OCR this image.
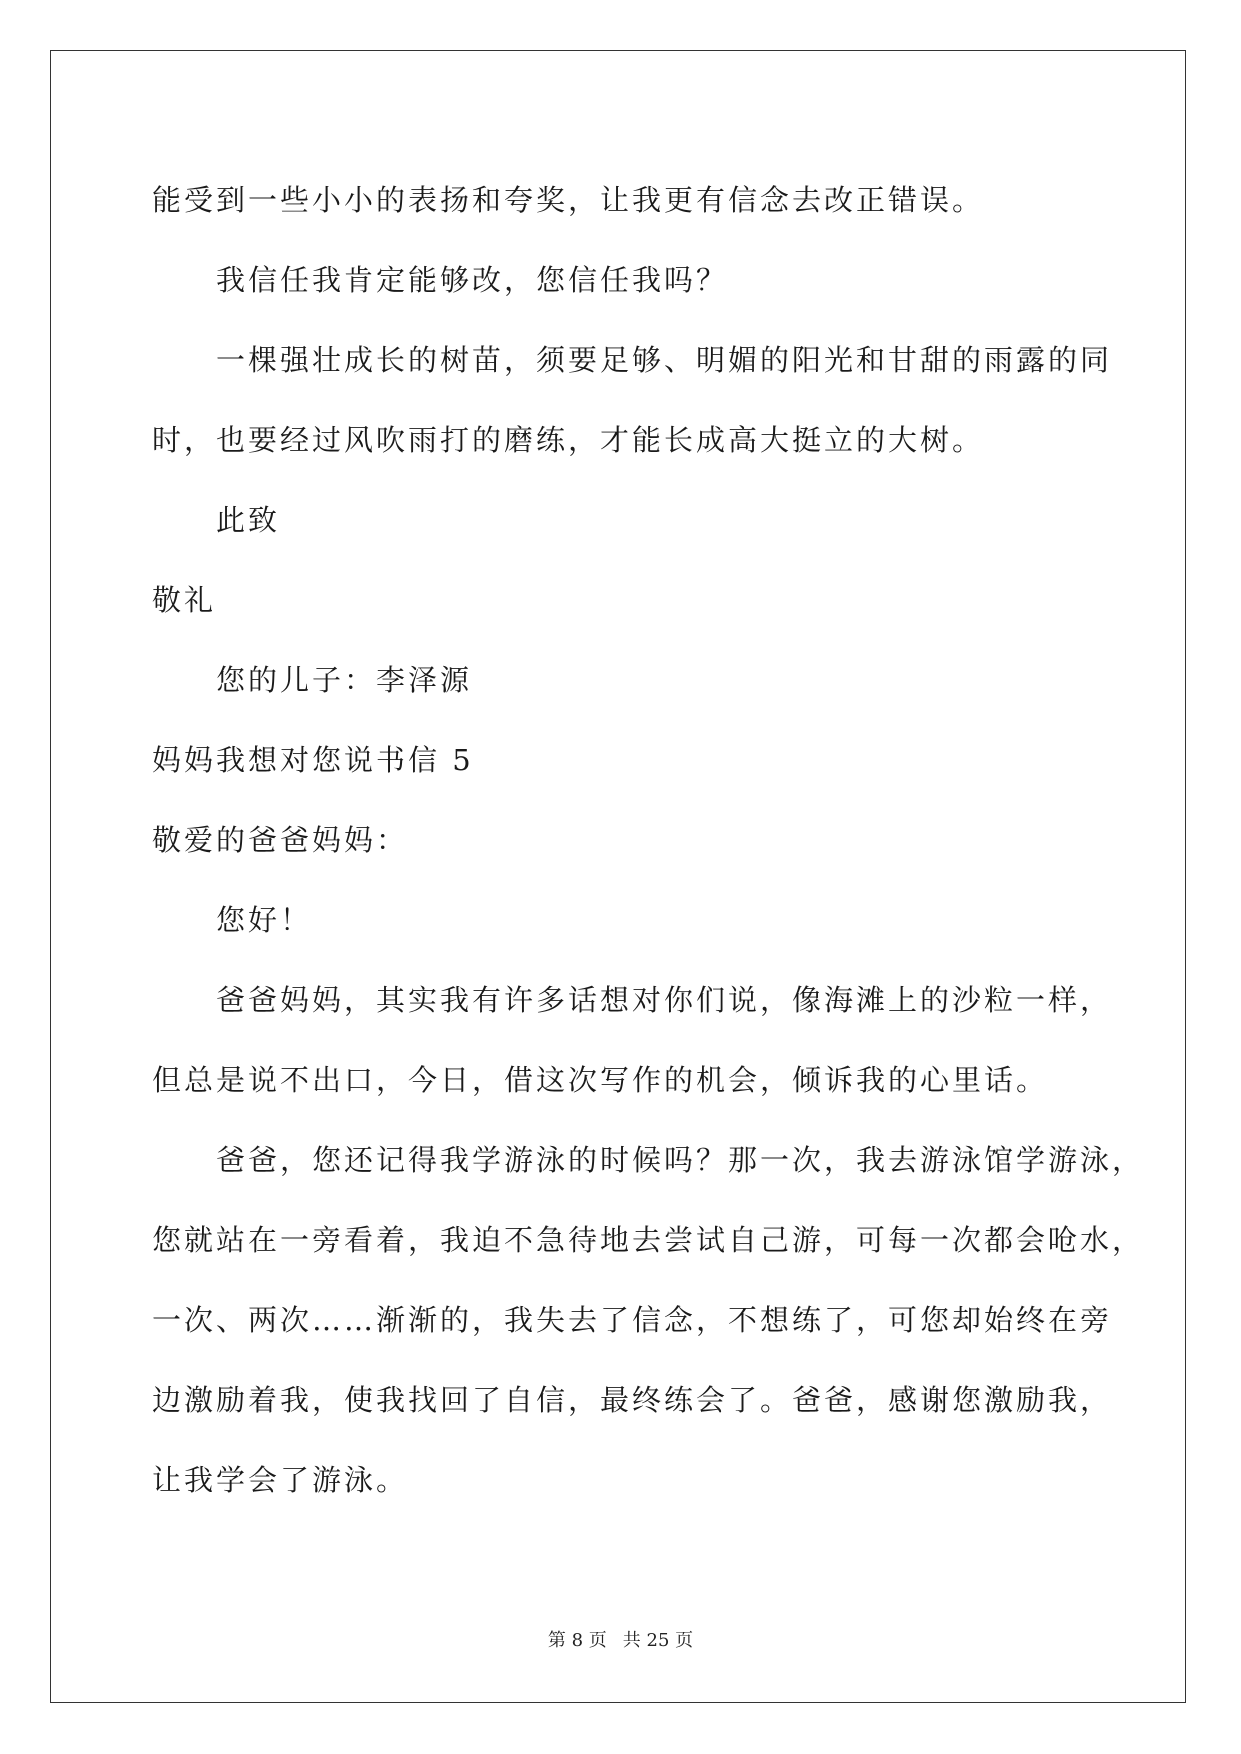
能受到一些小小的表扬和夸奖，让我更有信念去改正错误。
我信任我肯定能够改，您信任我吗？
一棵强壮成长的树苗，须要足够、明媚的阳光和甘甜的雨露的同
时，也要经过风吹雨打的磨练，才能长成高大挺立的大树。
此致
敬礼
您的儿子：李泽源
妈妈我想对您说书信 5
敬爱的爸爸妈妈：
您好！
爸爸妈妈，其实我有许多话想对你们说，像海滩上的沙粒一样，
但总是说不出口，今日，借这次写作的机会，倾诉我的心里话。
爸爸，您还记得我学游泳的时候吗？那一次，我去游泳馆学游泳，
您就站在一旁看着，我迫不急待地去尝试自己游，可每一次都会呛水，
一次、两次……渐渐的，我失去了信念，不想练了，可您却始终在旁
边激励着我，使我找回了自信，最终练会了。爸爸，感谢您激励我，
让我学会了游泳。
第 8 页 共 25 页
